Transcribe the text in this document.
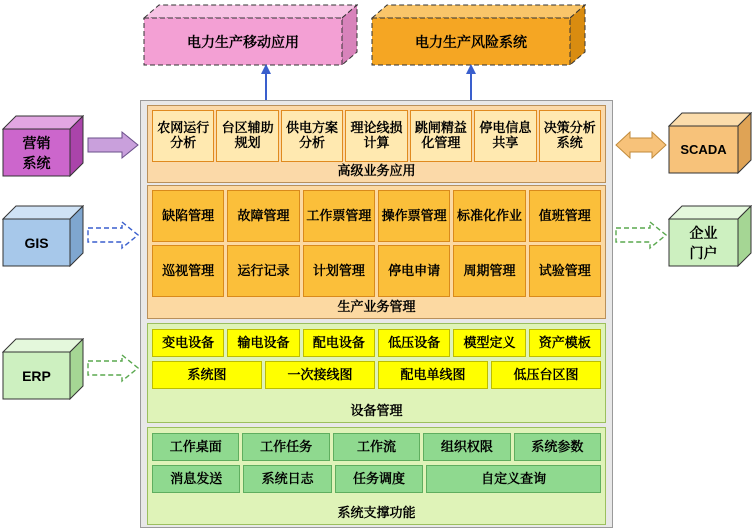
电力生产移动应用	电力生产风险系统
营销
系统
GIS
ERP
SCADA
企业
门户
农网运行分析
台区辅助规划
供电方案分析
理论线损计算
跳闸精益化管理
停电信息共享
决策分析系统
高级业务应用
缺陷管理	故障管理	工作票管理 操作票管理 标准化作业	值班管理
巡视管理	运行记录	计划管理	停电申请	周期管理	试验管理
生产业务管理
变电设备	输电设备	配电设备	低压设备	模型定义	资产模板
系统图	一次接线图	配电单线图	低压台区图
设备管理
工作桌面	工作任务	工作流	组织权限	系统参数
消息发送	系统日志	任务调度	自定义查询
系统支撑功能
